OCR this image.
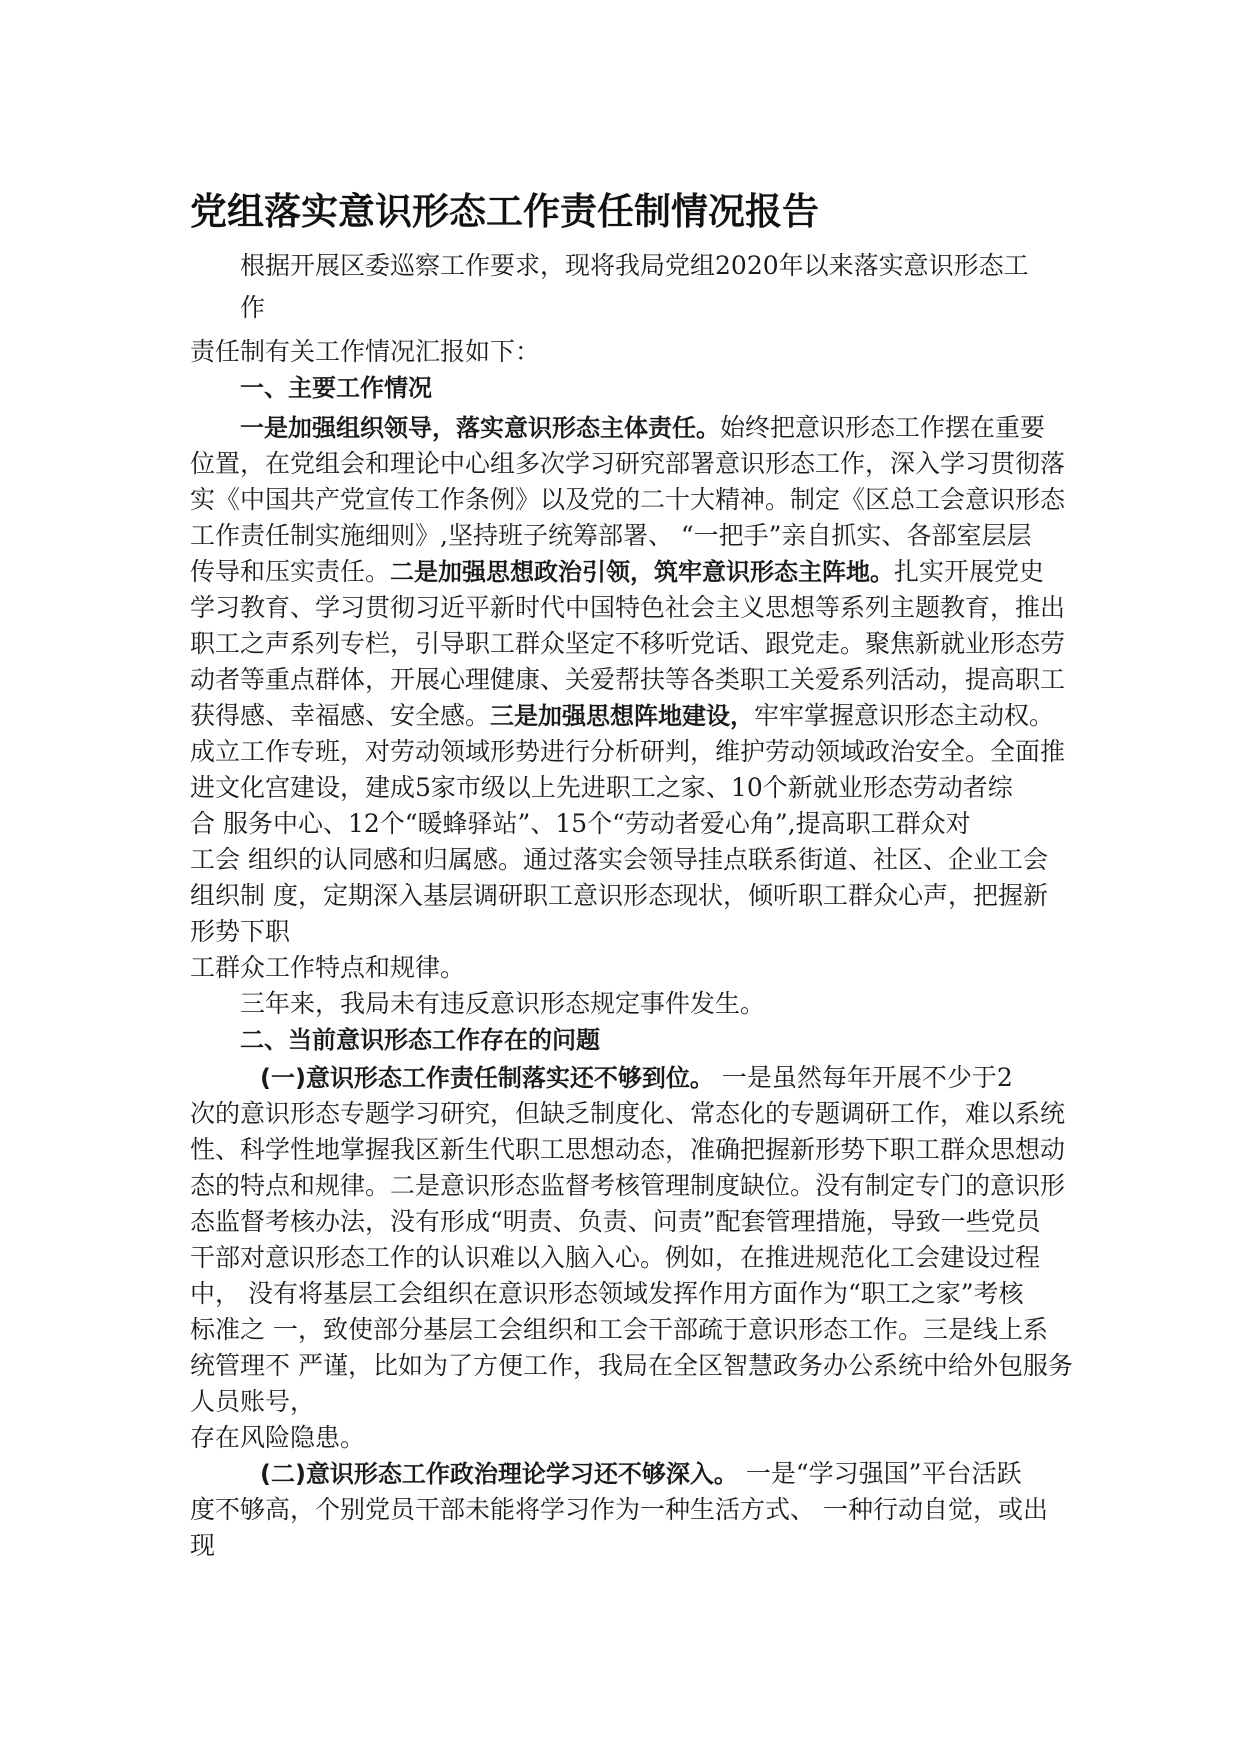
党组落实意识形态工作责任制情况报告
根据开展区委巡察工作要求，现将我局党组2020年以来落实意识形态工
作
责任制有关工作情况汇报如下：
一、主要工作情况
一是加强组织领导，落实意识形态主体责任。始终把意识形态工作摆在重要
位置，在党组会和理论中心组多次学习研究部署意识形态工作，深入学习贯彻落
实《中国共产党宣传工作条例》以及党的二十大精神。制定《区总工会意识形态
工作责任制实施细则》,坚持班子统筹部署、 “一把手”亲自抓实、各部室层层
传导和压实责任。二是加强思想政治引领，筑牢意识形态主阵地。扎实开展党史
学习教育、学习贯彻习近平新时代中国特色社会主义思想等系列主题教育，推出
职工之声系列专栏，引导职工群众坚定不移听党话、跟党走。聚焦新就业形态劳
动者等重点群体，开展心理健康、关爱帮扶等各类职工关爱系列活动，提高职工
获得感、幸福感、安全感。三是加强思想阵地建设，牢牢掌握意识形态主动权。
成立工作专班，对劳动领域形势进行分析研判，维护劳动领域政治安全。全面推
进文化宫建设，建成5家市级以上先进职工之家、10个新就业形态劳动者综
合 服务中心、12个“暖蜂驿站”、15个“劳动者爱心角”,提高职工群众对
工会 组织的认同感和归属感。通过落实会领导挂点联系街道、社区、企业工会
组织制 度，定期深入基层调研职工意识形态现状，倾听职工群众心声，把握新
形势下职
工群众工作特点和规律。
三年来，我局未有违反意识形态规定事件发生。
二、当前意识形态工作存在的问题
(一)意识形态工作责任制落实还不够到位。 一是虽然每年开展不少于2
次的意识形态专题学习研究，但缺乏制度化、常态化的专题调研工作，难以系统
性、科学性地掌握我区新生代职工思想动态，准确把握新形势下职工群众思想动
态的特点和规律。二是意识形态监督考核管理制度缺位。没有制定专门的意识形
态监督考核办法，没有形成“明责、负责、问责”配套管理措施，导致一些党员
干部对意识形态工作的认识难以入脑入心。例如，在推进规范化工会建设过程
中， 没有将基层工会组织在意识形态领域发挥作用方面作为“职工之家”考核
标准之 一，致使部分基层工会组织和工会干部疏于意识形态工作。三是线上系
统管理不 严谨，比如为了方便工作，我局在全区智慧政务办公系统中给外包服务
人员账号，
存在风险隐患。
(二)意识形态工作政治理论学习还不够深入。 一是“学习强国”平台活跃
度不够高，个别党员干部未能将学习作为一种生活方式、 一种行动自觉，或出
现
